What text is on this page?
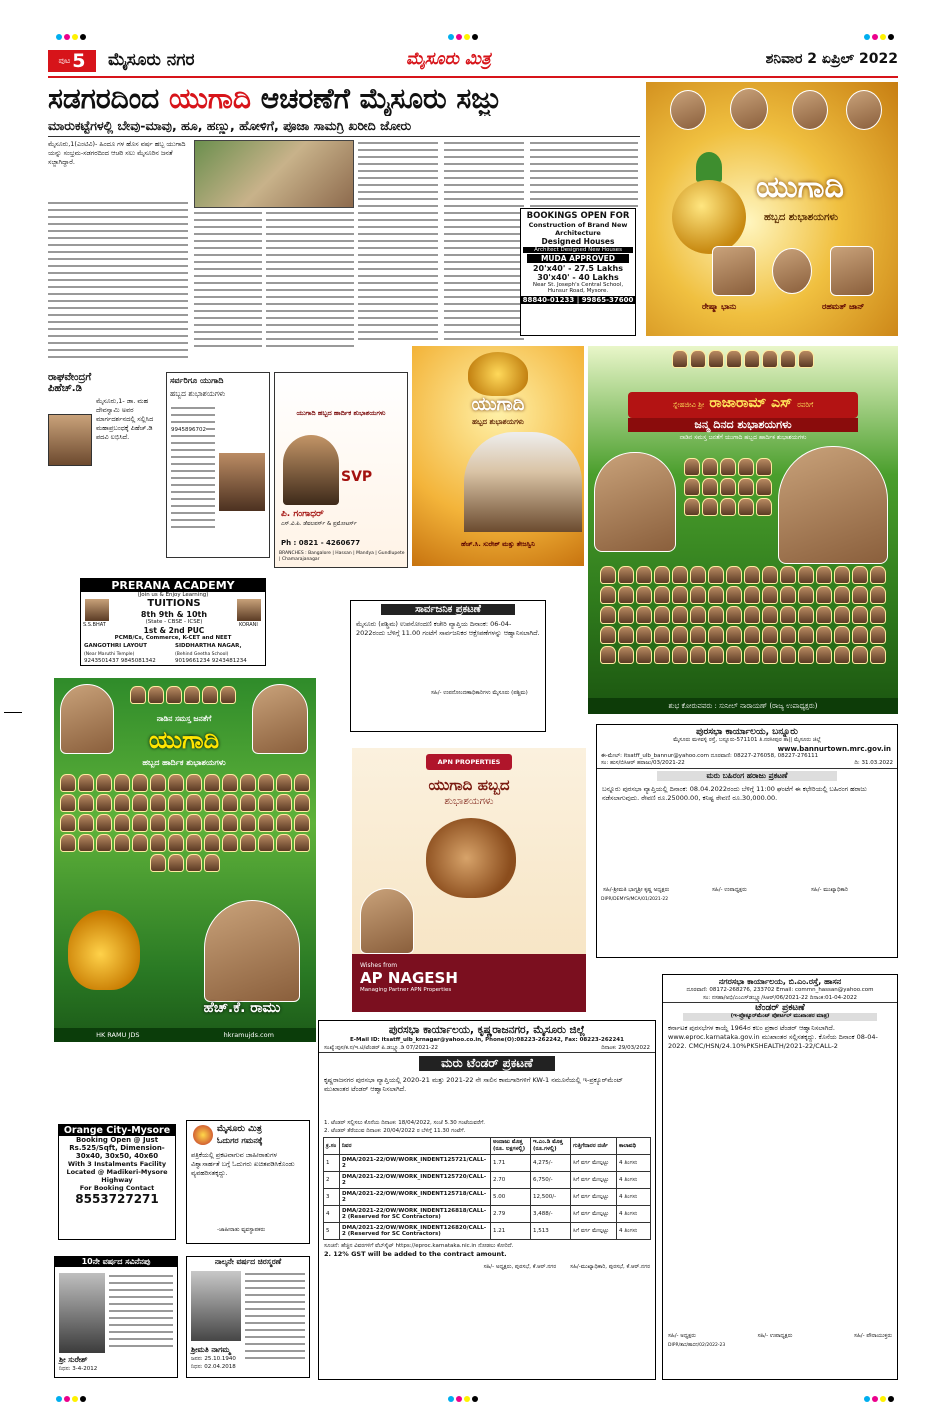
ಪುಟ 5 ಮೈಸೂರು ನಗರ	ಮೈಸೂರು ಮಿತ್ರ	ಶನಿವಾರ 2 ಏಪ್ರಿಲ್ 2022
ಸಡಗರದಿಂದ ಯುಗಾದಿ ಆಚರಣೆಗೆ ಮೈಸೂರು ಸಜ್ಜು
ಮಾರುಕಟ್ಟೆಗಳಲ್ಲಿ ಬೇವು-ಮಾವು, ಹೂ, ಹಣ್ಣು, ಹೋಳಿಗೆ, ಪೂಜಾ ಸಾಮಗ್ರಿ ಖರೀದಿ ಜೋರು
ಮೈಸೂರು,1(ಎಂಟಿವಿ)- ಹಿಂದೂ ಗಳ ಹೊಸ ವರ್ಷ ಹಬ್ಬ ಯುಗಾದಿ ಯನ್ನು ಸಂಭ್ರಮ-ಸಡಗರದಿಂದ ಆಚರಿ ಸಲು ಮೈಸೂರಿನ ಜನತೆ ಸಜ್ಜಾಗಿದ್ದಾರೆ.
BOOKINGS OPEN FOR
Construction of Brand New
Architecture
Designed Houses
Architect Designed New Houses
MUDA APPROVED
20'x40' - 27.5 Lakhs
30'x40' - 40 Lakhs
Near St. Joseph's Central School,
Hunsur Road, Mysore.
88840-01233 | 99865-37600
ಯುಗಾದಿ
ಹಬ್ಬದ ಶುಭಾಶಯಗಳು
ರೇಷ್ಮಾ ಭಾನು	ರಹಮತ್ ಜಾನ್
ರಾಘವೇಂದ್ರಗೆ
ಪಿಹೆಚ್.ಡಿ
ಮೈಸೂರು,1- ಡಾ. ಮಹ ದೇವಸ್ವಾಮಿ ಅವರ ಮಾರ್ಗದರ್ಶನದಲ್ಲಿ ಸಲ್ಲಿಸಿದ ಮಹಾಪ್ರಬಂಧಕ್ಕೆ ಪಿಹೆಚ್.ಡಿ ಪದವಿ ಲಭಿಸಿದೆ.
ಸರ್ವರಿಗೂ ಯುಗಾದಿ
ಹಬ್ಬದ ಶುಭಾಶಯಗಳು
9945896702
ಯುಗಾದಿ ಹಬ್ಬದ ಹಾರ್ದಿಕ ಶುಭಾಶಯಗಳು
SVP
ಪಿ. ಗಂಗಾಧರ್
ಎಸ್.ವಿ.ಪಿ. ಡೆವಲಪರ್ಸ್ & ಪ್ರಮೋಟರ್ಸ್
Ph : 0821 - 4260677
BRANCHES : Bangalore | Hassan | Mandya | Gundlupete | Chamarajanagar
ಯುಗಾದಿ
ಹಬ್ಬದ ಶುಭಾಶಯಗಳು
ಹೆಚ್.ಸಿ. ಸುರೇಶ್ ಮತ್ತು ತೇಜಸ್ವಿನಿ
ಸ್ನೇಹಜೀವಿ ಶ್ರೀ ರಾಜಾರಾಮ್ ಎಸ್ ರವರಿಗೆ
ಜನ್ಮ ದಿನದ ಶುಭಾಶಯಗಳು
ನಾಡಿನ ಸಮಸ್ತ ಜನತೆಗೆ ಯುಗಾದಿ ಹಬ್ಬದ ಹಾರ್ದಿಕ ಶುಭಾಶಯಗಳು
ಶುಭ ಕೋರುವವರು : ಸುನೀಲ್ ನಾರಾಯಣ್ (ರಾಜ್ಯ ಉಪಾಧ್ಯಕ್ಷರು)
PRERANA ACADEMY
(Join us & Enjoy Learning)
S.S.BHAT	KORANI
TUITIONS
8th 9th & 10th
(State - CBSE - ICSE)
1st & 2nd PUC
PCMB/Cs, Commerce, K-CET and NEET
GANGOTHRI LAYOUT
(Near Maruthi Temple)
9243501437 9845081342
SIDDHARTHA NAGAR,
(Behind Geetha School)
9019661234 9243481234
ಸಾರ್ವಜನಿಕ ಪ್ರಕಟಣೆ
ಮೈಸೂರು (ಪಶ್ಚಿಮ) ಉಪನೋಂದಣಿ ಕಚೇರಿ ವ್ಯಾಪ್ತಿಯ ದಿನಾಂಕ: 06-04-2022ರಂದು ಬೆಳಿಗ್ಗೆ 11.00 ಗಂಟೆಗೆ ಸಾರ್ವಜನಿಕರ ಆಕ್ಷೇಪಣೆಗಳನ್ನು ಆಹ್ವಾನಿಸಲಾಗಿದೆ.
ಸಹಿ/- ಉಪನೋಂದಣಾಧಿಕಾರಿಗಳು ಮೈಸೂರು (ಪಶ್ಚಿಮ)
ನಾಡಿನ ಸಮಸ್ತ ಜನತೆಗೆ
ಯುಗಾದಿ
ಹಬ್ಬದ ಹಾರ್ದಿಕ ಶುಭಾಶಯಗಳು
ಹೆಚ್.ಕೆ. ರಾಮು
HK RAMU JDS	hkramujds.com
APN PROPERTIES
ಯುಗಾದಿ ಹಬ್ಬದ
ಶುಭಾಶಯಗಳು
Wishes from
AP NAGESH
Managing Partner APN Properties
ಪುರಸಭಾ ಕಾರ್ಯಾಲಯ, ಬನ್ನೂರು
ಮೈಸೂರು ಮಳವಳ್ಳಿ ರಸ್ತೆ, ಬನ್ನೂರು-571101 ತಿ.ನರಸೀಪುರ ತಾ|| ಮೈಸೂರು ಜಿಲ್ಲೆ
www.bannurtown.mrc.gov.in
ಈ-ಮೇಲ್: itsatff_ulb_bannur@yahoo.com ದೂರವಾಣಿ: 08227-276058, 08227-276111
ಸಂ: ಹುಸ/ಬಿಸಿಆರ್ ಹರಾಜು/03/2021-22	ದಿ: 31.03.2022
ಮರು ಬಹಿರಂಗ ಹರಾಜು ಪ್ರಕಟಣೆ
ಬನ್ನೂರು ಪುರಸಭಾ ವ್ಯಾಪ್ತಿಯಲ್ಲಿ ದಿನಾಂಕ: 08.04.2022ರಂದು ಬೆಳಿಗ್ಗೆ 11:00 ಘಂಟೆಗೆ ಈ ಕಛೇರಿಯಲ್ಲಿ ಬಹಿರಂಗ ಹರಾಜು ನಡೆಸಲಾಗುವುದು. ಠೇವಣಿ ರೂ.25000.00, ಕನಿಷ್ಟ ಠೇವಣಿ ರೂ.30,000.00.
ಸಹಿ/-ಶ್ರೀಮತಿ ಭಾಗ್ಯಶ್ರೀ ಕೃಷ್ಣ ಅಧ್ಯಕ್ಷರು	ಸಹಿ/- ಉಪಾಧ್ಯಕ್ಷರು	ಸಹಿ/- ಮುಖ್ಯಾಧಿಕಾರಿ
DIPR/DEMYS/MCA/01/2021-22
ನಗರಸಭಾ ಕಾರ್ಯಾಲಯ, ಬಿ.ಎಂ.ರಸ್ತೆ, ಹಾಸನ
ದೂರವಾಣಿ: 08172-268276, 233702 Email: commn_hassan@yahoo.com
ಸಂ: ನಸಹಾ/ಅಭಿ/ಎಂಎಸ್‌ಡಬ್ಲ್ಯೂ/ಸಿಆರ್/06/2021-22 ದಿನಾಂಕ:01-04-2022
ಟೆಂಡರ್ ಪ್ರಕಟಣೆ
(ಇ-ಪ್ರೊಕ್ಯೂರ್‌ಮೆಂಟ್ ಪೋರ್ಟಲ್ ಮುಖಾಂತರ ಮಾತ್ರ)
ಕರ್ನಾಟಕ ಪುರಸಭೆಗಳ ಕಾಯ್ದೆ 1964ರ ಕಲಂ ಪ್ರಕಾರ ಟೆಂಡರ್ ಆಹ್ವಾನಿಸಲಾಗಿದೆ. www.eproc.karnataka.gov.in ಮುಖಾಂತರ ಸಲ್ಲಿಸತಕ್ಕದ್ದು. ಕೊನೆಯ ದಿನಾಂಕ 08-04-2022. CMC/HSN/24.10%PK5HEALTH/2021-22/CALL-2
ಸಹಿ/- ಅಧ್ಯಕ್ಷರು	ಸಹಿ/- ಉಪಾಧ್ಯಕ್ಷರು	ಸಹಿ/- ಪೌರಾಯುಕ್ತರು
DIPR/ತಾಸ/ಹಾಸನ/02/2022-23
ಪುರಸಭಾ ಕಾರ್ಯಾಲಯ, ಕೃಷ್ಣರಾಜನಗರ, ಮೈಸೂರು ಜಿಲ್ಲೆ
E-Mail ID: itsatff_ulb_krnagar@yahoo.co.in, Phone(O):08223-262242, Fax: 08223-262241
ಸಂಖ್ಯೆ:ಪುಸ/ಕ.ನ/ಇ.ಟಿ/ಟೆಂಡರ್ ಪಿ.ಡಬ್ಲ್ಯೂ.ಡಿ 07/2021-22	ದಿನಾಂಕ: 29/03/2022
ಮರು ಟೆಂಡರ್ ಪ್ರಕಟಣೆ
ಕೃಷ್ಣರಾಜನಗರ ಪುರಸಭಾ ವ್ಯಾಪ್ತಿಯಲ್ಲಿ 2020-21 ಮತ್ತು 2021-22 ನೇ ಸಾಲಿನ ಕಾಮಗಾರಿಗಳಿಗೆ KW-1 ನಮೂನೆಯಲ್ಲಿ ಇ-ಪ್ರಕ್ಯೂರ್‌ಮೆಂಟ್ ಮುಖಾಂತರ ಟೆಂಡರ್ ಆಹ್ವಾನಿಸಲಾಗಿದೆ.
1. ಟೆಂಡರ್ ಸಲ್ಲಿಸಲು ಕೊನೆಯ ದಿನಾಂಕ: 18/04/2022, ಸಂಜೆ 5.30 ಗಂಟೆಯವರೆಗೆ.
2. ಟೆಂಡರ್ ತೆರೆಯುವ ದಿನಾಂಕ: 20/04/2022 ರ ಬೆಳಿಗ್ಗೆ 11.30 ಗಂಟೆಗೆ.
ಕ್ರ.ಸಂ	ನಿವರ	ಅಂದಾಜು ಮೊತ್ತ (ರೂ. ಲಕ್ಷಗಳಲ್ಲಿ)	ಇ.ಎಂ.ಡಿ ಮೊತ್ತ (ರೂ.ಗಳಲ್ಲಿ)	ಗುತ್ತಿಗೆದಾರರ ದರ್ಜೆ	ಕಾಲಾವಧಿ
1	DMA/2021-22/OW/WORK_INDENT125721/CALL-2	1.71	4,275/-	ಸಿಗೆ ವರ್ಗ ಮೇಲ್ಪಟ್ಟು	4 ತಿಂಗಳು
2	DMA/2021-22/OW/WORK_INDENT125720/CALL-2	2.70	6,750/-	ಸಿಗೆ ವರ್ಗ ಮೇಲ್ಪಟ್ಟು	4 ತಿಂಗಳು
3	DMA/2021-22/OW/WORK_INDENT125718/CALL-2	5.00	12,500/-	ಸಿಗೆ ವರ್ಗ ಮೇಲ್ಪಟ್ಟು	4 ತಿಂಗಳು
4	DMA/2021-22/OW/WORK_INDENT126818/CALL-2 (Reserved for SC Contractors)	2.79	3,488/-	ಸಿಗೆ ವರ್ಗ ಮೇಲ್ಪಟ್ಟು	4 ತಿಂಗಳು
5	DMA/2021-22/OW/WORK_INDENT126820/CALL-2 (Reserved for SC Contractors)	1.21	1,513	ಸಿಗೆ ವರ್ಗ ಮೇಲ್ಪಟ್ಟು	4 ತಿಂಗಳು
ಸೂಚನೆ: ಹೆಚ್ಚಿನ ವಿವರಗಳಿಗೆ ವೆಬ್‌ಸೈಟ್ https://eproc.karnataka.nic.in ನೋಡಲು ಕೋರಿದೆ.
2. 12% GST will be added to the contract amount.
ಸಹಿ/- ಅಧ್ಯಕ್ಷರು, ಪುರಸಭೆ, ಕೆ.ಆರ್.ನಗರ        ಸಹಿ/-ಮುಖ್ಯಾಧಿಕಾರಿ, ಪುರಸಭೆ, ಕೆ.ಆರ್.ನಗರ
Orange City-Mysore
Booking Open @ Just
Rs.525/Sqft, Dimension-
30x40, 30x50, 40x60
With 3 Instalments Facility
Located @ Madikeri-Mysore
Highway
For Booking Contact
8553727271
ಮೈಸೂರು ಮಿತ್ರ
ಓದುಗರ ಗಮನಕ್ಕೆ
ಪತ್ರಿಕೆಯಲ್ಲಿ ಪ್ರಕಟವಾಗುವ ಜಾಹೀರಾತುಗಳ ವಿಶ್ವಾಸಾರ್ಹತೆ ಬಗ್ಗೆ ಓದುಗರು ಖಚಿತಪಡಿಸಿಕೊಂಡು ವ್ಯವಹರಿಸತಕ್ಕದ್ದು.
-ಜಾಹೀರಾತು ವ್ಯವಸ್ಥಾಪಕರು
10ನೇ ವರ್ಷದ ಸವಿನೆನಪು
ಶ್ರೀ ಸುರೇಶ್
ನಿಧನ: 3-4-2012
ನಾಲ್ಕನೇ ವರ್ಷದ ಚಿರಸ್ಮರಣೆ
ಶ್ರೀಮತಿ ನಾಗಮ್ಮ
ಜನನ: 25.10.1940
ನಿಧನ: 02.04.2018
